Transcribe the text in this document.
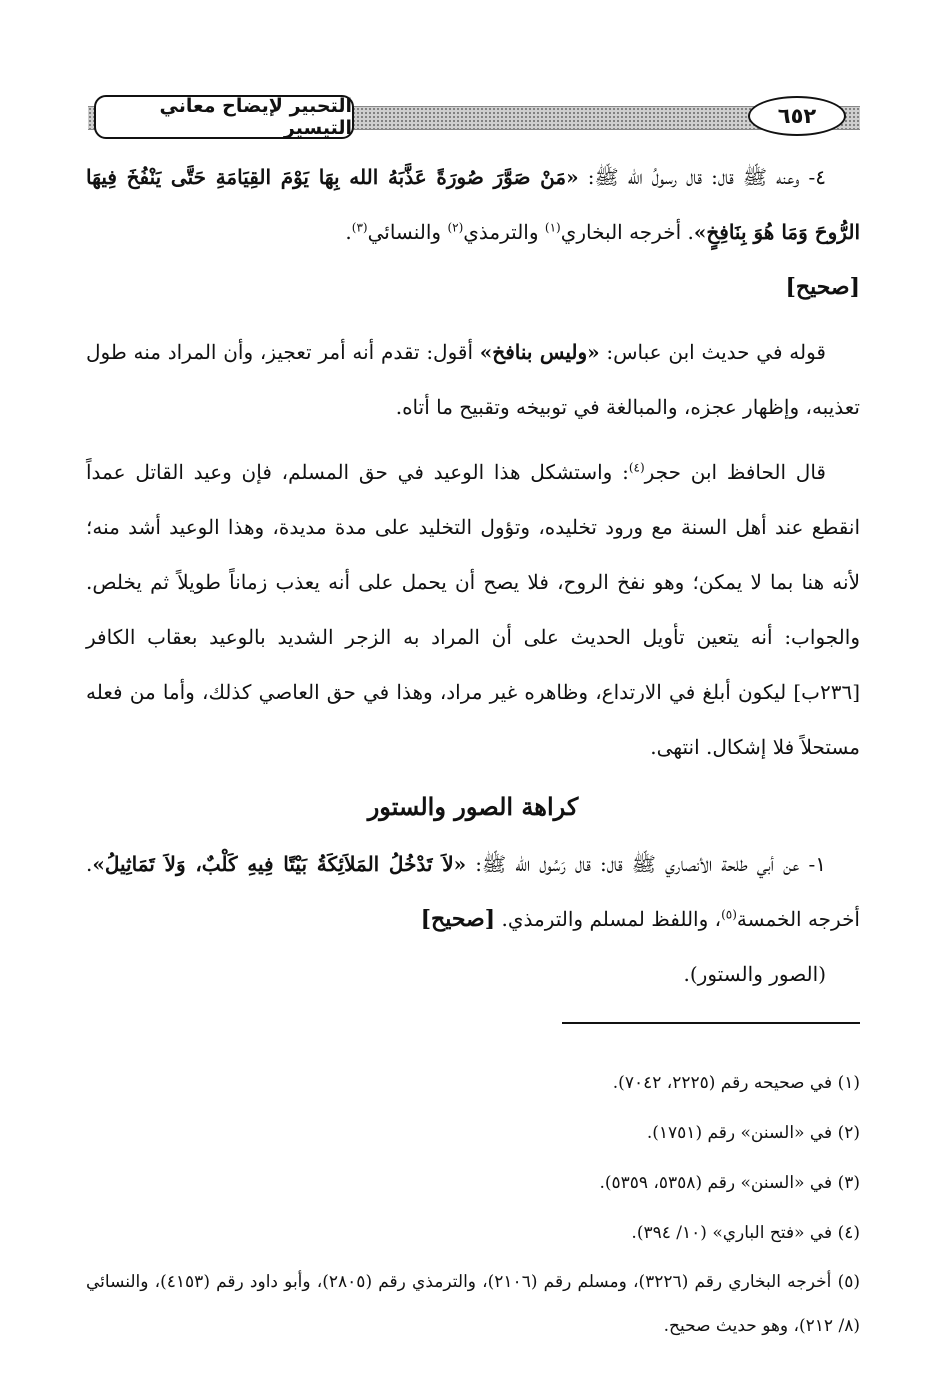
التحبير لإيضاح معاني التيسير	٦٥٢

٤- وعنه ﷺ قال: قال رسولُ الله ﷺ: «مَنْ صَوَّرَ صُورَةً عَذَّبَهُ الله بِهَا يَوْمَ القِيَامَةِ حَتَّى يَنْفُخَ فِيهَا الرُّوحَ وَمَا هُوَ بِنَافِخٍ». أخرجه البخاري$^{(١)}$ والترمذي$^{(٢)}$ والنسائي$^{(٣)}$.
[صحيح]

قوله في حديث ابن عباس: «وليس بنافخ» أقول: تقدم أنه أمر تعجيز، وأن المراد منه طول تعذيبه، وإظهار عجزه، والمبالغة في توبيخه وتقبيح ما أتاه.

قال الحافظ ابن حجر$^{(٤)}$: واستشكل هذا الوعيد في حق المسلم، فإن وعيد القاتل عمداً انقطع عند أهل السنة مع ورود تخليده، وتؤول التخليد على مدة مديدة، وهذا الوعيد أشد منه؛ لأنه هنا بما لا يمكن؛ وهو نفخ الروح، فلا يصح أن يحمل على أنه يعذب زماناً طويلاً ثم يخلص. والجواب: أنه يتعين تأويل الحديث على أن المراد به الزجر الشديد بالوعيد بعقاب الكافر [٢٣٦ب] ليكون أبلغ في الارتداع، وظاهره غير مراد، وهذا في حق العاصي كذلك، وأما من فعله مستحلاً فلا إشكال. انتهى.

كراهة الصور والستور

١- عن أبي طلحة الأنصاري ﷺ قال: قال رَسُول الله ﷺ: «لاَ تَدْخُلُ المَلاَئِكَةُ بَيْتًا فِيهِ كَلْبٌ، وَلاَ تَمَاثِيلُ». أخرجه الخمسة$^{(٥)}$، واللفظ لمسلم والترمذي. [صحيح]
(الصور والستور).

(١) في صحيحه رقم (٢٢٢٥، ٧٠٤٢).

(٢) في «السنن» رقم (١٧٥١).

(٣) في «السنن» رقم (٥٣٥٨، ٥٣٥٩).

(٤) في «فتح الباري» (١٠/ ٣٩٤).

(٥) أخرجه البخاري رقم (٣٢٢٦)، ومسلم رقم (٢١٠٦)، والترمذي رقم (٢٨٠٥)، وأبو داود رقم (٤١٥٣)، والنسائي (٨/ ٢١٢)، وهو حديث صحيح.
